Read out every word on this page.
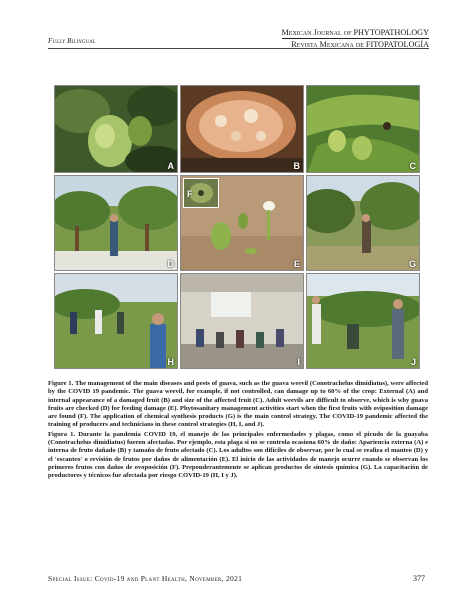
Fully Bilingual
Mexican Journal of PHYTOPATHOLOGY
Revista Mexicana de FITOPATOLOGÍA
A	B	C
D	E
F
G
H	I	J

Figure 1. The management of the main diseases and pests of guava, such as the guava weevil (Conotrachelus dimidiatus), were affected by the COVID 19 pandemic. The guava weevil, for example, if not controlled, can damage up to 60% of the crop: External (A) and internal appearance of a damaged fruit (B) and size of the affected fruit (C). Adult weevils are difficult to observe, which is why guava fruits are checked (D) for feeding damage (E). Phytosanitary management activities start when the first fruits with oviposition damage are found (F). The application of chemical synthesis products (G) is the main control strategy. The COVID-19 pandemic affected the training of producers and technicians in these control strategies (H, I, and J).

Figura 1. Durante la pandemia COVID 19, el manejo de las principales enfermedades y plagas, como el picudo de la guayaba (Conotrachelus dimidiatus) fueron afectadas. Por ejemplo, esta plaga si no se controla ocasiona 60% de daño: Apariencia externa (A) e interna de fruto dañado (B) y tamaño de fruto afectado (C). Los adultos son difíciles de observar, por lo cual se realiza el manteo (D) y el 'escanteo' o revisión de frutos por daños de alimentación (E). El inicio de las actividades de manejo ocurre cuando se observan los primeros frutos con daños de ovoposición (F). Preponderantemente se aplican productos de síntesis química (G). La capacitación de productores y técnicos fue afectada por riesgo COVID-19 (H, I y J).

Special Issue: Covid-19 and Plant Health, November, 2021	377
